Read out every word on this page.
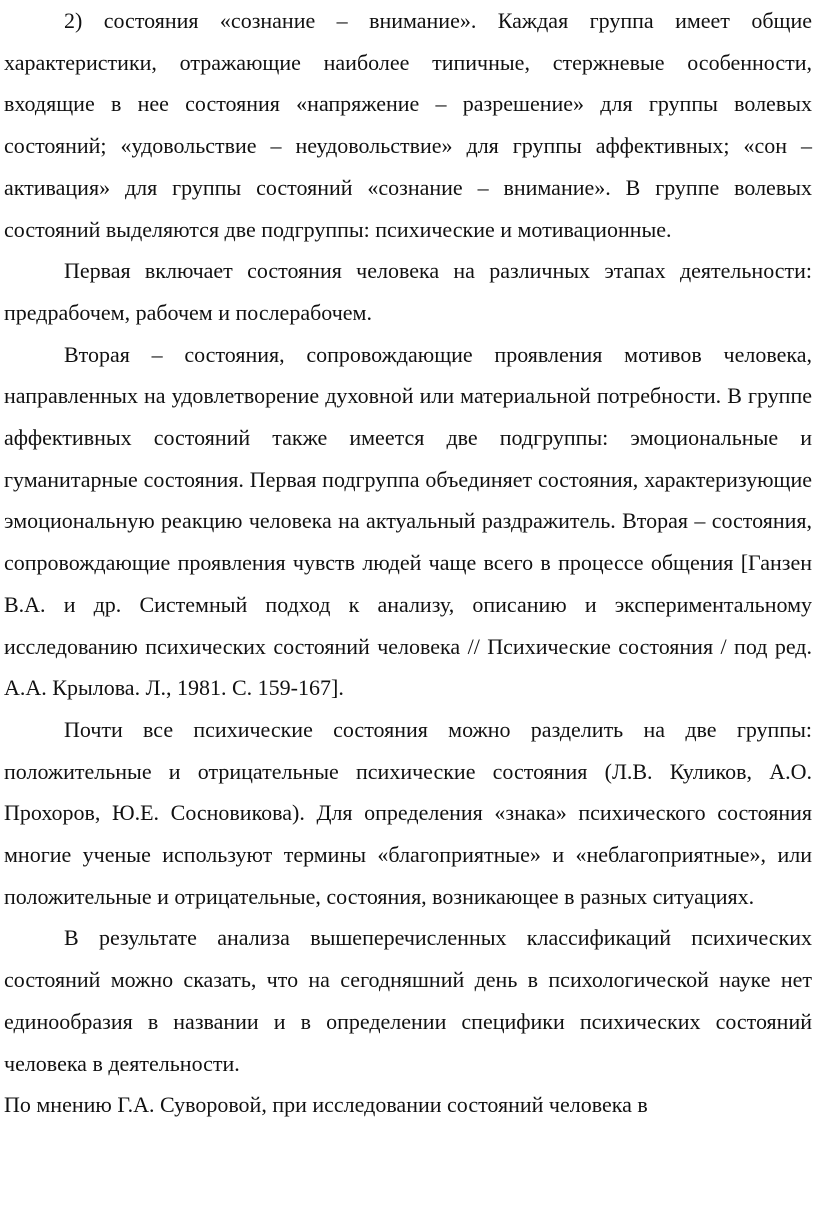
2) состояния «сознание – внимание». Каждая группа имеет общие характеристики, отражающие наиболее типичные, стержневые особенности, входящие в нее состояния «напряжение – разрешение» для группы волевых состояний; «удовольствие – неудовольствие» для группы аффективных; «сон – активация» для группы состояний «сознание – внимание». В группе волевых состояний выделяются две подгруппы: психические и мотивационные.

Первая включает состояния человека на различных этапах деятельности: предрабочем, рабочем и послерабочем.

Вторая – состояния, сопровождающие проявления мотивов человека, направленных на удовлетворение духовной или материальной потребности. В группе аффективных состояний также имеется две подгруппы: эмоциональные и гуманитарные состояния. Первая подгруппа объединяет состояния, характеризующие эмоциональную реакцию человека на актуальный раздражитель. Вторая – состояния, сопровождающие проявления чувств людей чаще всего в процессе общения [Ганзен В.А. и др. Системный подход к анализу, описанию и экспериментальному исследованию психических состояний человека // Психические состояния / под ред. А.А. Крылова. Л., 1981. С. 159-167].

Почти все психические состояния можно разделить на две группы: положительные и отрицательные психические состояния (Л.В. Куликов, А.О. Прохоров, Ю.Е. Сосновикова). Для определения «знака» психического состояния многие ученые используют термины «благоприятные» и «неблагоприятные», или положительные и отрицательные, состояния, возникающее в разных ситуациях.

В результате анализа вышеперечисленных классификаций психических состояний можно сказать, что на сегодняшний день в психологической науке нет единообразия в названии и в определении специфики психических состояний человека в деятельности.

По мнению Г.А. Суворовой, при исследовании состояний человека в
